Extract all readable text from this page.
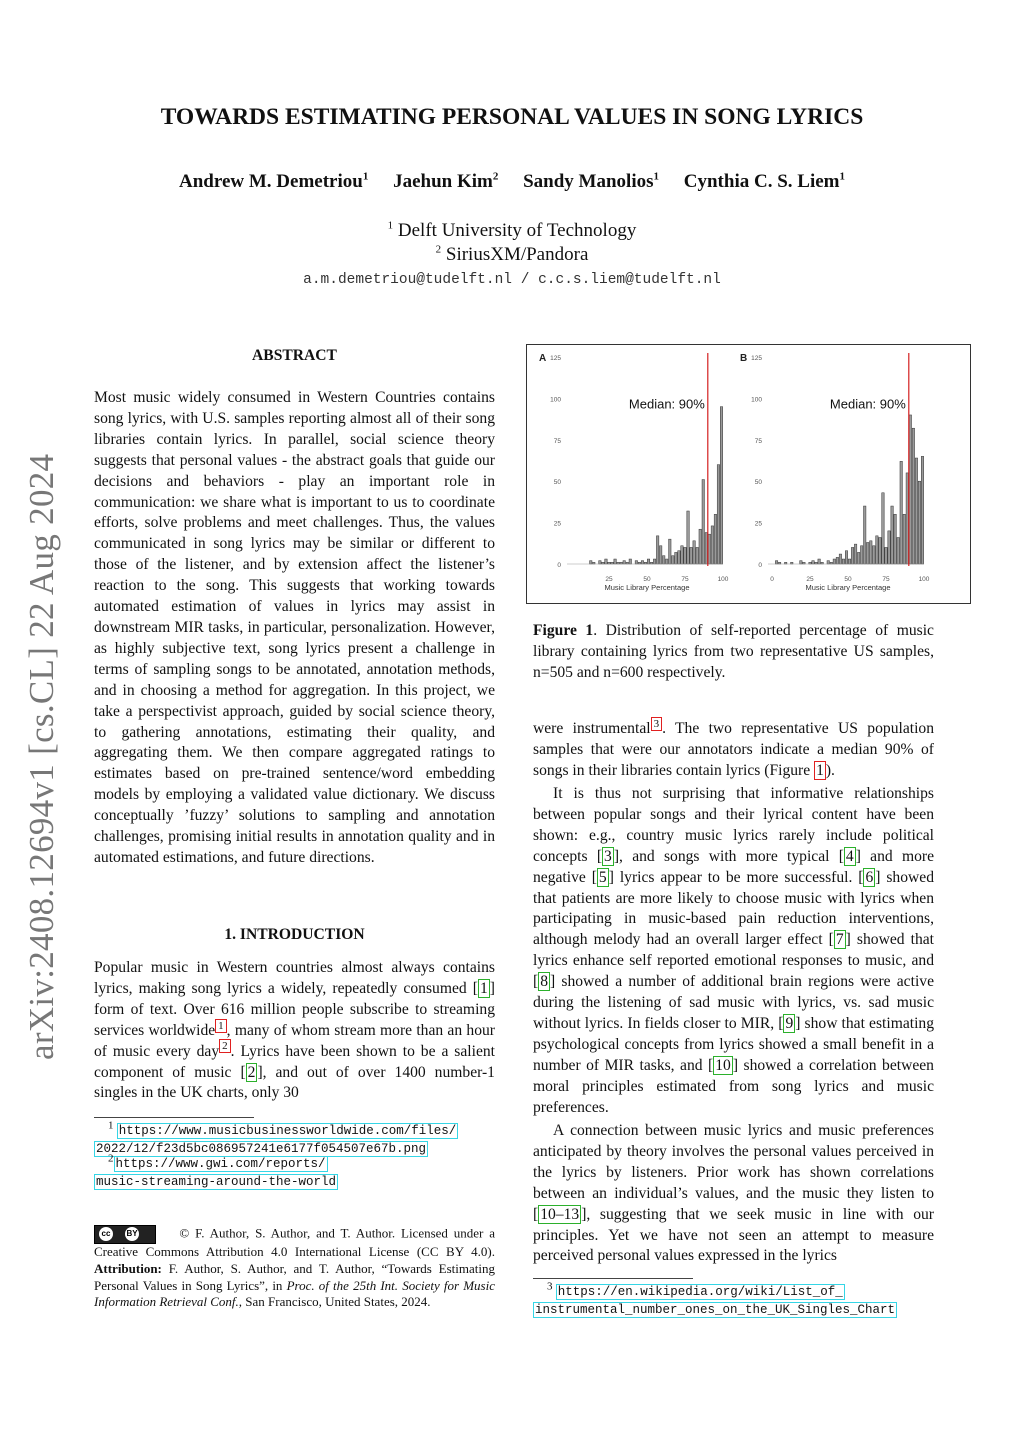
arXiv:2408.12694v1 [cs.CL] 22 Aug 2024
TOWARDS ESTIMATING PERSONAL VALUES IN SONG LYRICS
Andrew M. Demetriou$^1$ Jaehun Kim$^2$ Sandy Manolios$^1$ Cynthia C. S. Liem$^1$
$^1$ Delft University of Technology
$^2$ SiriusXM/Pandora
a.m.demetriou@tudelft.nl / c.c.s.liem@tudelft.nl
ABSTRACT
Most music widely consumed in Western Countries contains song lyrics, with U.S. samples reporting almost all of their song libraries contain lyrics. In parallel, social science theory suggests that personal values - the abstract goals that guide our decisions and behaviors - play an important role in communication: we share what is important to us to coordinate efforts, solve problems and meet challenges. Thus, the values communicated in song lyrics may be similar or different to those of the listener, and by extension affect the listener’s reaction to the song. This suggests that working towards automated estimation of values in lyrics may assist in downstream MIR tasks, in particular, personalization. However, as highly subjective text, song lyrics present a challenge in terms of sampling songs to be annotated, annotation methods, and in choosing a method for aggregation. In this project, we take a perspectivist approach, guided by social science theory, to gathering annotations, estimating their quality, and aggregating them. We then compare aggregated ratings to estimates based on pre-trained sentence/word embedding models by employing a validated value dictionary. We discuss conceptually ’fuzzy’ solutions to sampling and annotation challenges, promising initial results in annotation quality and in automated estimations, and future directions.
1. INTRODUCTION
Popular music in Western countries almost always contains lyrics, making song lyrics a widely, repeatedly consumed [ 1 ] form of text. Over 616 million people subscribe to streaming services worldwide $^1$ , many of whom stream more than an hour of music every day $^2$ . Lyrics have been shown to be a salient component of music [ 2 ], and out of over 1400 number-1 singles in the UK charts, only 30
$^1$ https://www.musicbusinessworldwide.com/files/
2022/12/f23d5bc086957241e6177f054507e67b.png
$^2$ https://www.gwi.com/reports/
music-streaming-around-the-world
cc	BY	© F. Author, S. Author, and T. Author. Licensed under a Creative Commons Attribution 4.0 International License (CC BY 4.0). Attribution: F. Author, S. Author, and T. Author, “Towards Estimating Personal Values in Song Lyrics”, in Proc. of the 25th Int. Society for Music Information Retrieval Conf., San Francisco, United States, 2024.
A
0
25
50
75
100
125
25	50	75	100
Music Library Percentage
Median: 90%
B
0
25
50
75
100
125
0	25	50	75	100
Music Library Percentage
Median: 90%
Figure 1. Distribution of self-reported percentage of music library containing lyrics from two representative US samples, n=505 and n=600 respectively.
were instrumental $^3$ . The two representative US population samples that were our annotators indicate a median 90% of songs in their libraries contain lyrics (Figure 1 ).
It is thus not surprising that informative relationships between popular songs and their lyrical content have been shown: e.g., country music lyrics rarely include political concepts [ 3 ], and songs with more typical [ 4 ] and more negative [ 5 ] lyrics appear to be more successful. [ 6 ] showed that patients are more likely to choose music with lyrics when participating in music-based pain reduction interventions, although melody had an overall larger effect [ 7 ] showed that lyrics enhance self reported emotional responses to music, and [ 8 ] showed a number of additional brain regions were active during the listening of sad music with lyrics, vs. sad music without lyrics. In fields closer to MIR, [ 9 ] show that estimating psychological concepts from lyrics showed a small benefit in a number of MIR tasks, and [ 10 ] showed a correlation between moral principles estimated from song lyrics and music preferences.
A connection between music lyrics and music preferences anticipated by theory involves the personal values perceived in the lyrics by listeners. Prior work has shown correlations between an individual’s values, and the music they listen to [ 10–13 ], suggesting that we seek music in line with our principles. Yet we have not seen an attempt to measure perceived personal values expressed in the lyrics
$^3$ https://en.wikipedia.org/wiki/List_of_
instrumental_number_ones_on_the_UK_Singles_Chart
